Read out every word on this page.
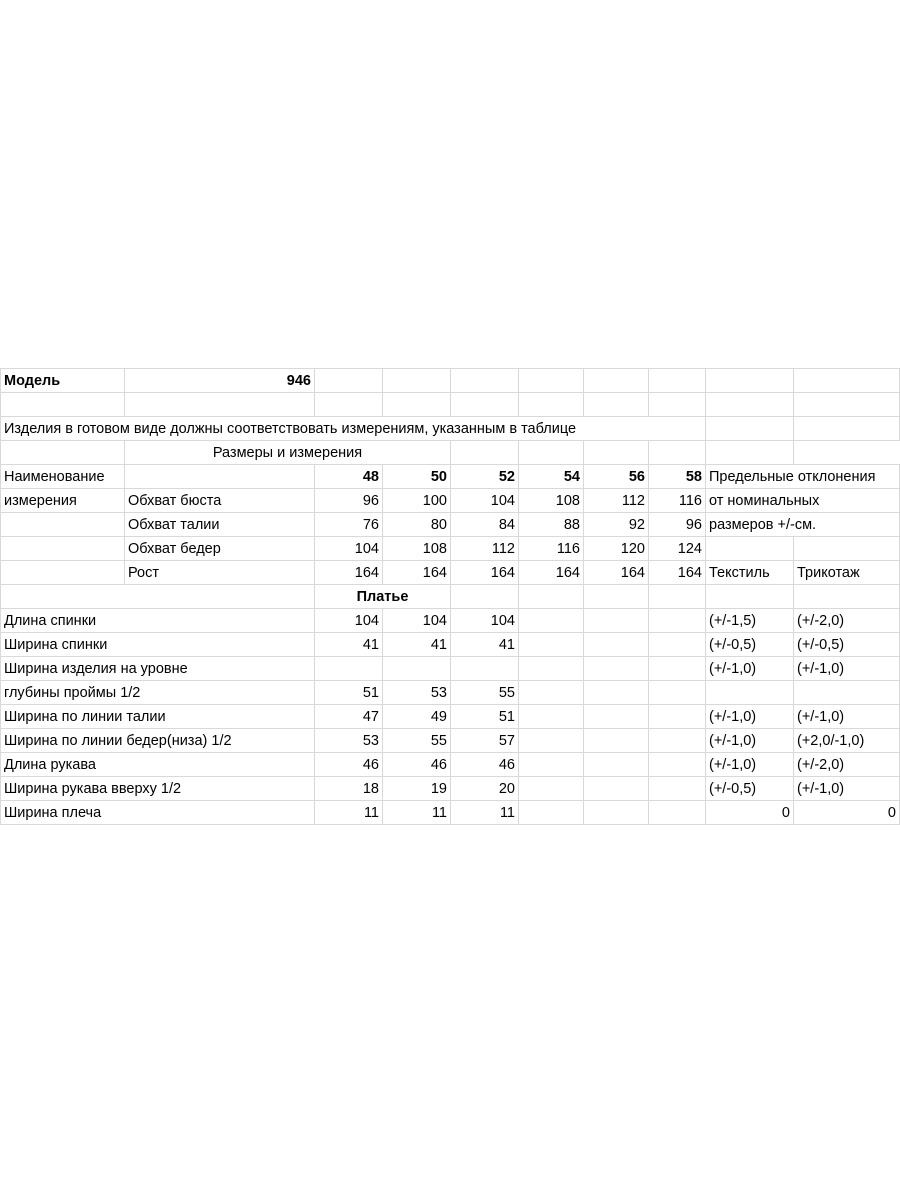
Модель	946								

Изделия в готовом виде должны соответствовать измерениям, указанным в таблице									
	Размеры и измерения								
Наименование		48	50	52	54	56	58	Предельные отклонения	
измерения	Обхват бюста	96	100	104	108	112	116	от номинальных	
	Обхват талии	76	80	84	88	92	96	размеров +/-см.	
	Обхват бедер	104	108	112	116	120	124		
	Рост	164	164	164	164	164	164	Текстиль	Трикотаж
		Платье							
Длина спинки		104	104	104				(+/-1,5)	(+/-2,0)
Ширина спинки		41	41	41				(+/-0,5)	(+/-0,5)
Ширина изделия на уровне								(+/-1,0)	(+/-1,0)
глубины проймы 1/2		51	53	55					
Ширина по линии талии		47	49	51				(+/-1,0)	(+/-1,0)
Ширина по линии бедер(низа) 1/2		53	55	57				(+/-1,0)	(+2,0/-1,0)
Длина рукава		46	46	46				(+/-1,0)	(+/-2,0)
Ширина рукава вверху 1/2		18	19	20				(+/-0,5)	(+/-1,0)
Ширина плеча		11	11	11				0	0
